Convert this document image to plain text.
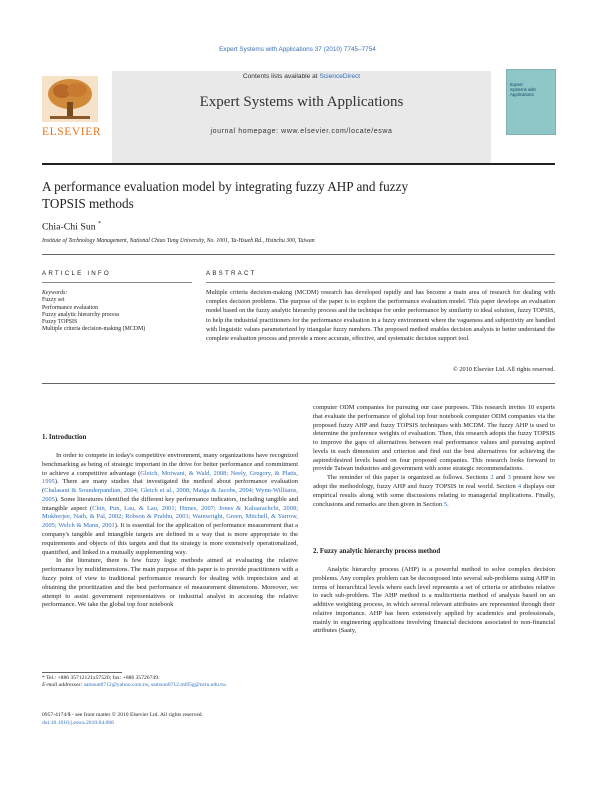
Expert Systems with Applications 37 (2010) 7745–7754
Contents lists available at ScienceDirect
Expert Systems with Applications
journal homepage: www.elsevier.com/locate/eswa
ELSEVIER
Expert Systems with Applications
A performance evaluation model by integrating fuzzy AHP and fuzzy
TOPSIS methods
Chia-Chi Sun *
Institute of Technology Management, National Chiao Tung University, No. 1001, Ta-Hsueh Rd., Hsinchu 300, Taiwan
ARTICLE INFO	ABSTRACT
Keywords:
Fuzzy set
Performance evaluation
Fuzzy analytic hierarchy process
Fuzzy TOPSIS
Multiple criteria decision-making (MCDM)
Multiple criteria decision-making (MCDM) research has developed rapidly and has become a main area of research for dealing with complex decision problems. The purpose of the paper is to explore the performance evaluation model. This paper develops an evaluation model based on the fuzzy analytic hierarchy process and the technique for order performance by similarity to ideal solution, fuzzy TOPSIS, to help the industrial practitioners for the performance evaluation in a fuzzy environment where the vagueness and subjectivity are handled with linguistic values parameterized by triangular fuzzy numbers. The proposed method enables decision analysts to better understand the complete evaluation process and provide a more accurate, effective, and systematic decision support tool.
© 2010 Elsevier Ltd. All rights reserved.
1. Introduction

In order to compete in today's competitive environment, many organizations have recognized benchmarking as being of strategic important in the drive for better performance and commitment to achieve a competitive advantage (Gleich, Motwani, & Wald, 2008; Neely, Gregory, & Platts, 1995). There are many studies that investigated the method about performance evaluation (Chalasani & Sounderpandian, 2004; Gleich et al., 2008; Maiga & Jacobs, 2004; Wynn-Williams, 2005). Some literatures identified the different key performance indicators, including tangible and intangible aspect (Chin, Pun, Lau, & Lau, 2001; Himes, 2007; Jones & Kaluarachchi, 2008; Mukherjee, Nath, & Pal, 2002; Robson & Prabhu, 2001; Wainwright, Green, Mitchell, & Yarrow, 2005; Welch & Mann, 2001). It is essential for the application of performance measurement that a company's tangible and intangible targets are defined in a way that is more appropriate to the requirements and objects of this targets and that its strategy is more extensively operationalized, quantified, and linked in a mutually supplementing way.

In the literature, there is few fuzzy logic methods aimed at evaluating the relative performance by multidimensions. The main purpose of this paper is to provide practitioners with a fuzzy point of view to traditional performance research for dealing with imprecision and at obtaining the prioritization and the best performance of measurement dimensions. Moreover, we attempt to assist government representatives or industrial analyst in accessing the relative performance. We take the global top four notebook

computer ODM companies for pursuing our case purposes. This research invites 10 experts that evaluate the performance of global top four notebook computer ODM companies via the proposed fuzzy AHP and fuzzy TOPSIS techniques with MCDM. The fuzzy AHP is used to determine the preference weights of evaluation. Then, this research adopts the fuzzy TOPSIS to improve the gaps of alternatives between real performance values and pursuing aspired levels in each dimension and criterion and find out the best alternatives for achieving the aspired/desired levels based on four proposed companies. This research looks forward to provide Taiwan industries and government with some strategic recommendations.

The reminder of this paper is organized as follows. Sections 2 and 3 present how we adopt the methodology, fuzzy AHP and fuzzy TOPSIS in real world. Section 4 displays our empirical results along with some discussions relating to managerial implications. Finally, conclusions and remarks are then given in Section 5.

2. Fuzzy analytic hierarchy process method

Analytic hierarchy process (AHP) is a powerful method to solve complex decision problems. Any complex problem can be decomposed into several sub-problems using AHP in terms of hierarchical levels where each level represents a set of criteria or attributes relative to each sub-problem. The AHP method is a multicriteria method of analysis based on an additive weighting process, in which several relevant attributes are represented through their relative importance. AHP has been extensively applied by academics and professionals, mainly in engineering applications involving financial decisions associated to non-financial attributes (Saaty,

* Tel.: +886 35712121x57520; fax: +886 35726749.
E-mail addresses: samsun0712@yahoo.com.tw, samsun0712.mt95g@nctu.edu.tw.
0957-4174/$ - see front matter © 2010 Elsevier Ltd. All rights reserved.
doi:10.1016/j.eswa.2010.04.066
